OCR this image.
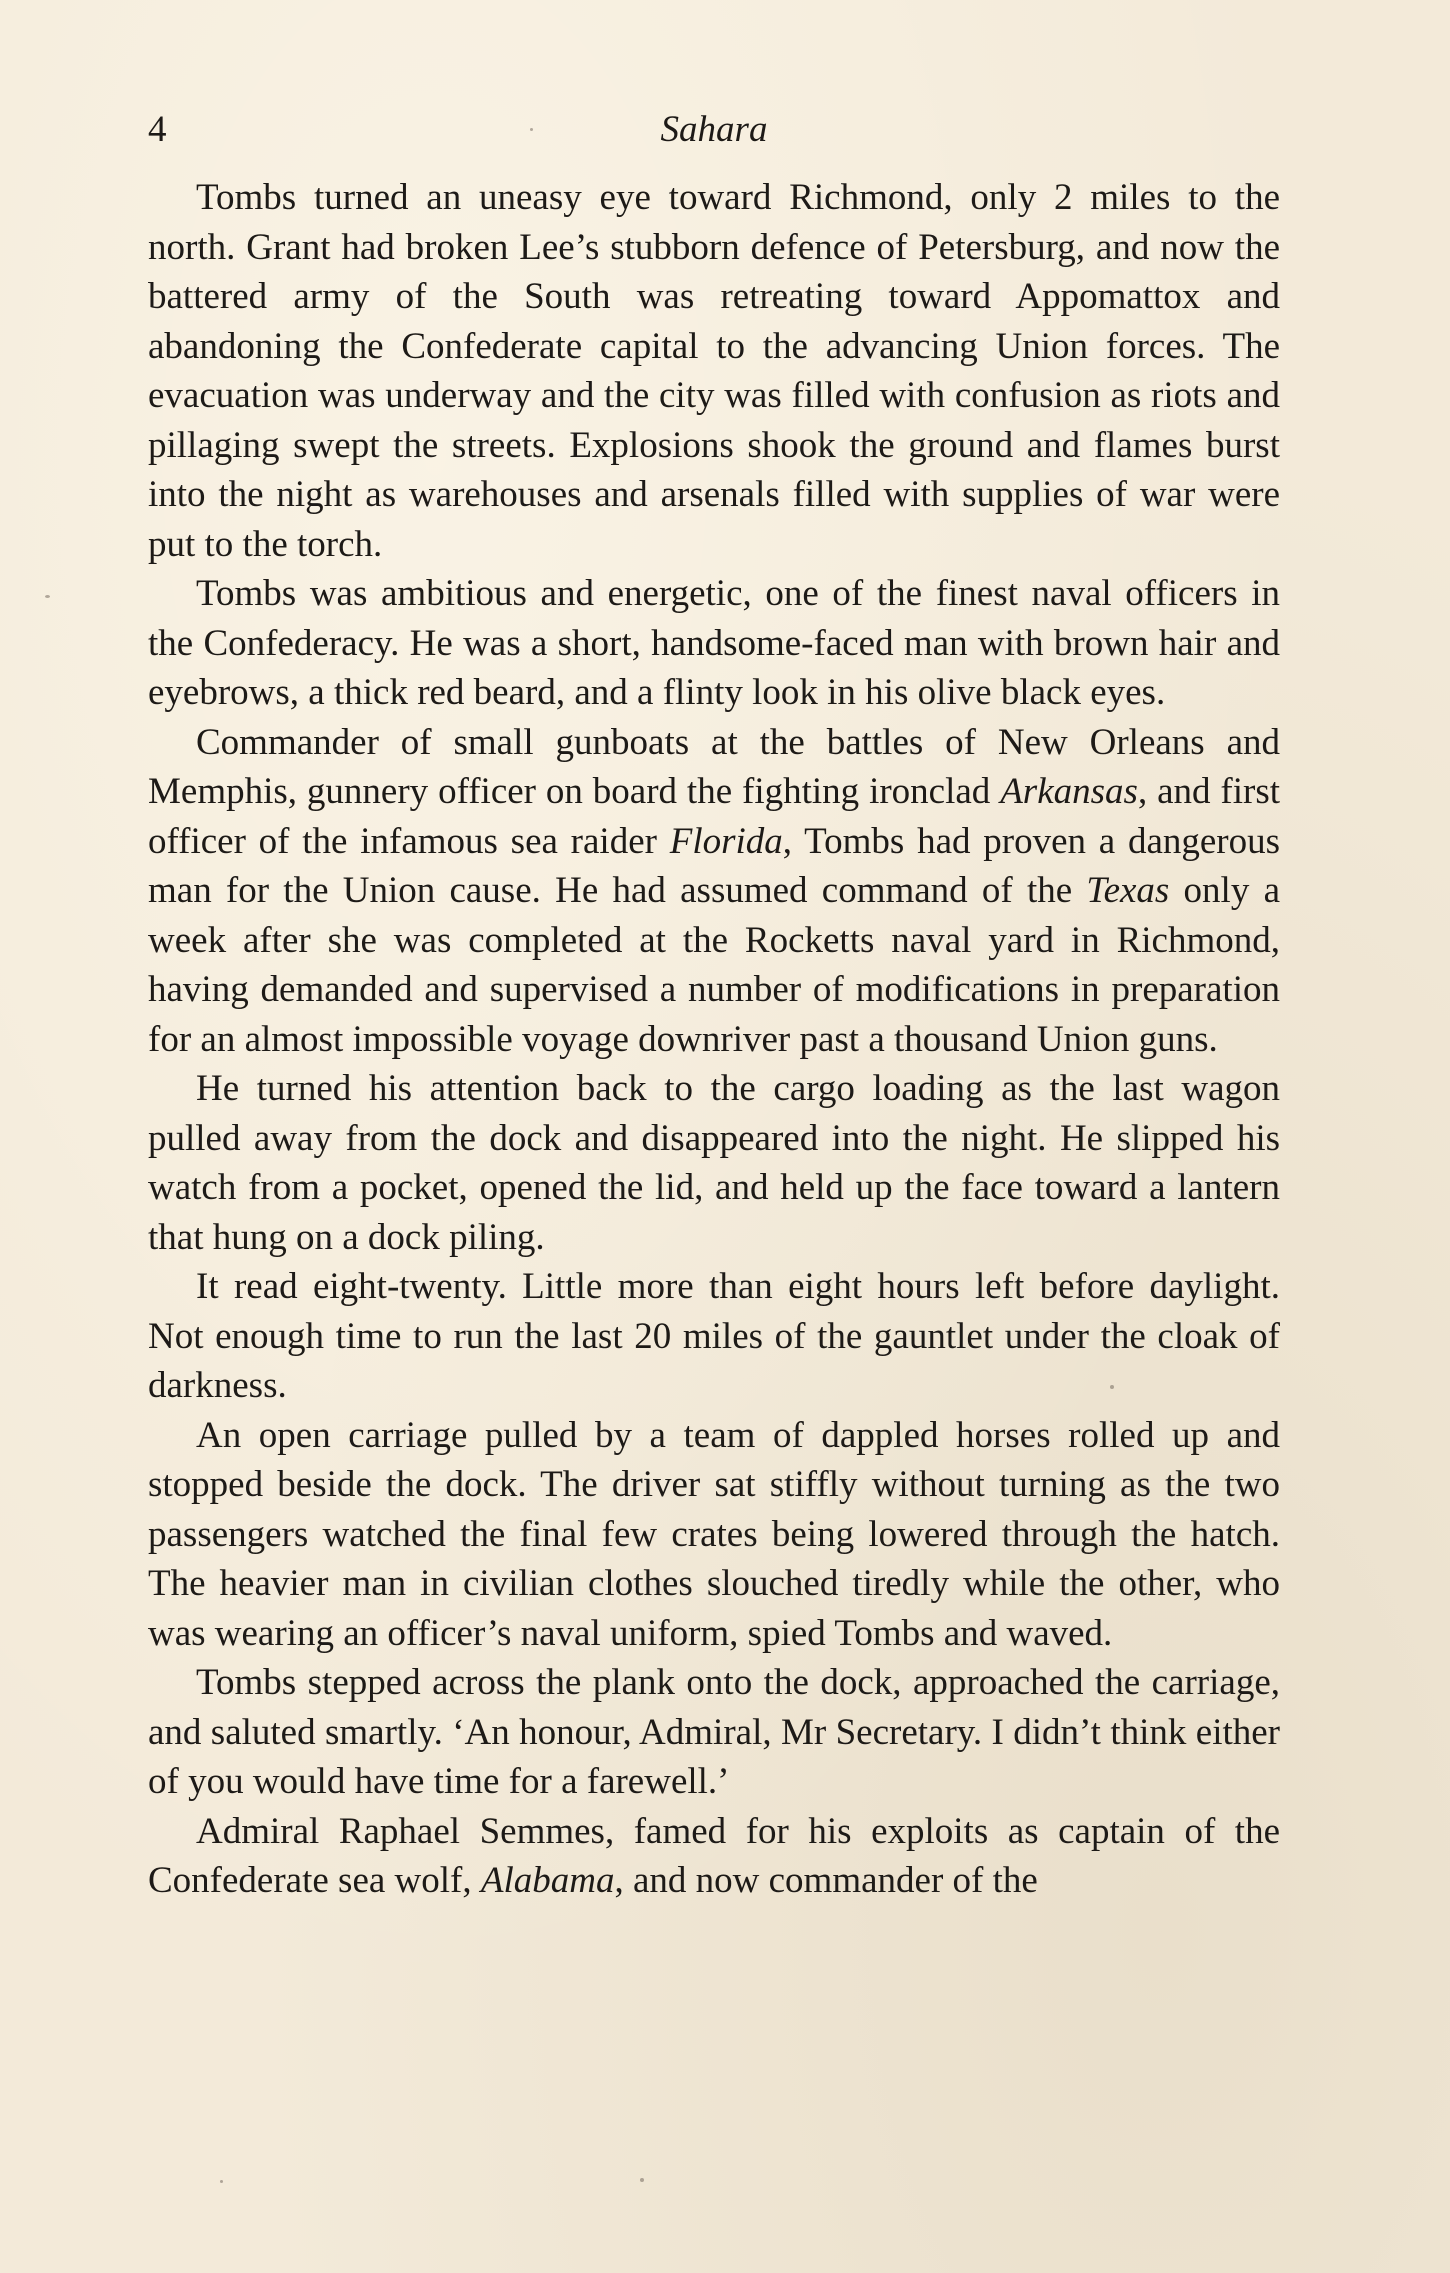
4	Sahara

Tombs turned an uneasy eye toward Richmond, only 2 miles to the north. Grant had broken Lee’s stubborn defence of Petersburg, and now the battered army of the South was retreating toward Appomattox and abandoning the Confederate capital to the advancing Union forces. The evacuation was underway and the city was filled with confusion as riots and pillaging swept the streets. Explosions shook the ground and flames burst into the night as warehouses and arsenals filled with supplies of war were put to the torch.

Tombs was ambitious and energetic, one of the finest naval officers in the Confederacy. He was a short, handsome-faced man with brown hair and eyebrows, a thick red beard, and a flinty look in his olive black eyes.

Commander of small gunboats at the battles of New Orleans and Memphis, gunnery officer on board the fighting ironclad Arkansas, and first officer of the infamous sea raider Florida, Tombs had proven a dangerous man for the Union cause. He had assumed command of the Texas only a week after she was completed at the Rocketts naval yard in Richmond, having demanded and supervised a number of modifications in preparation for an almost impossible voyage downriver past a thousand Union guns.

He turned his attention back to the cargo loading as the last wagon pulled away from the dock and disappeared into the night. He slipped his watch from a pocket, opened the lid, and held up the face toward a lantern that hung on a dock piling.

It read eight-twenty. Little more than eight hours left before daylight. Not enough time to run the last 20 miles of the gauntlet under the cloak of darkness.

An open carriage pulled by a team of dappled horses rolled up and stopped beside the dock. The driver sat stiffly without turning as the two passengers watched the final few crates being lowered through the hatch. The heavier man in civilian clothes slouched tiredly while the other, who was wearing an officer’s naval uniform, spied Tombs and waved.

Tombs stepped across the plank onto the dock, approached the carriage, and saluted smartly. ‘An honour, Admiral, Mr Secretary. I didn’t think either of you would have time for a farewell.’

Admiral Raphael Semmes, famed for his exploits as captain of the Confederate sea wolf, Alabama, and now commander of the
